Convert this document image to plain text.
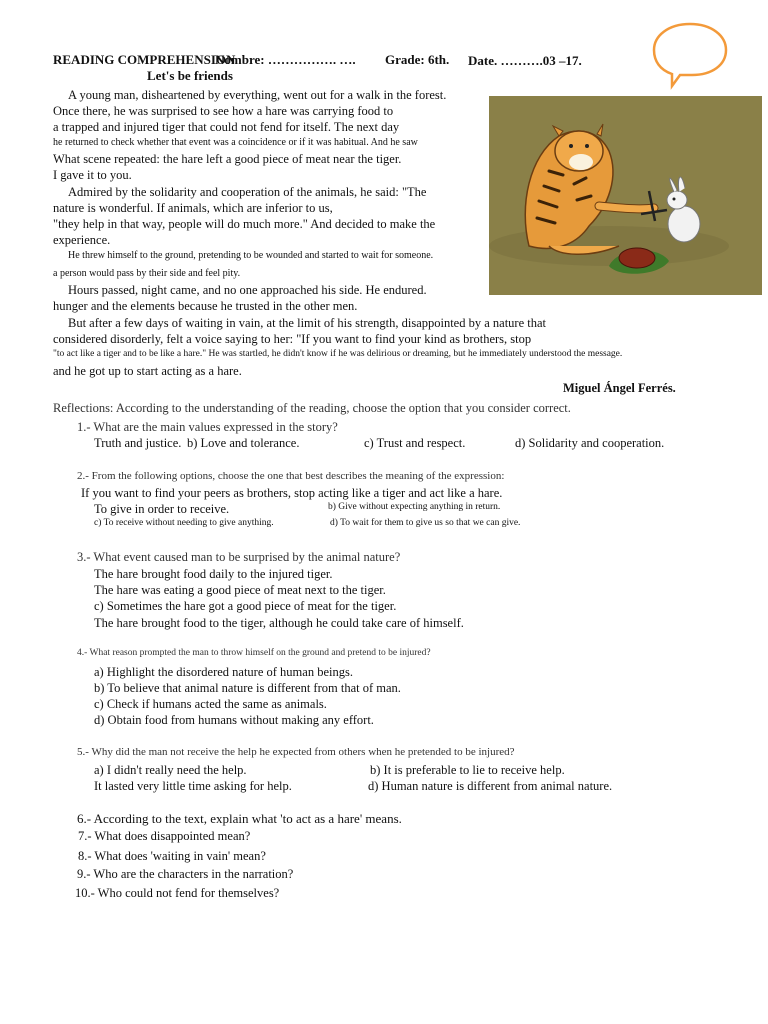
READING COMPREHENSION
Nombre: ……………. …. Grade: 6th. Date. ……….03 –17.
Let's be friends
A young man, disheartened by everything, went out for a walk in the forest.
Once there, he was surprised to see how a hare was carrying food to
a trapped and injured tiger that could not fend for itself. The next day
he returned to check whether that event was a coincidence or if it was habitual. And he saw
What scene repeated: the hare left a good piece of meat near the tiger.
I gave it to you.
Admired by the solidarity and cooperation of the animals, he said: "The
nature is wonderful. If animals, which are inferior to us,
"they help in that way, people will do much more." And decided to make the
experience.
He threw himself to the ground, pretending to be wounded and started to wait for someone.
a person would pass by their side and feel pity.
Hours passed, night came, and no one approached his side. He endured.
hunger and the elements because he trusted in the other men.
But after a few days of waiting in vain, at the limit of his strength, disappointed by a nature that
considered disorderly, felt a voice saying to her: "If you want to find your kind as brothers, stop
"to act like a tiger and to be like a hare." He was startled, he didn't know if he was delirious or dreaming, but he immediately understood the message.
and he got up to start acting as a hare.
Miguel Ángel Ferrés.
Reflections: According to the understanding of the reading, choose the option that you consider correct.
1.- What are the main values expressed in the story?
Truth and justice. b) Love and tolerance.	c) Trust and respect.	d) Solidarity and cooperation.
2.- From the following options, choose the one that best describes the meaning of the expression:
If you want to find your peers as brothers, stop acting like a tiger and act like a hare.
To give in order to receive.	b) Give without expecting anything in return.
c) To receive without needing to give anything.	d) To wait for them to give us so that we can give.
3.- What event caused man to be surprised by the animal nature?
The hare brought food daily to the injured tiger.
The hare was eating a good piece of meat next to the tiger.
c) Sometimes the hare got a good piece of meat for the tiger.
The hare brought food to the tiger, although he could take care of himself.
4.- What reason prompted the man to throw himself on the ground and pretend to be injured?
a) Highlight the disordered nature of human beings.
b) To believe that animal nature is different from that of man.
c) Check if humans acted the same as animals.
d) Obtain food from humans without making any effort.
5.- Why did the man not receive the help he expected from others when he pretended to be injured?
a) I didn't really need the help.	b) It is preferable to lie to receive help.
It lasted very little time asking for help.	d) Human nature is different from animal nature.
6.- According to the text, explain what 'to act as a hare' means.
7.- What does disappointed mean?
8.- What does 'waiting in vain' mean?
9.- Who are the characters in the narration?
10.- Who could not fend for themselves?
